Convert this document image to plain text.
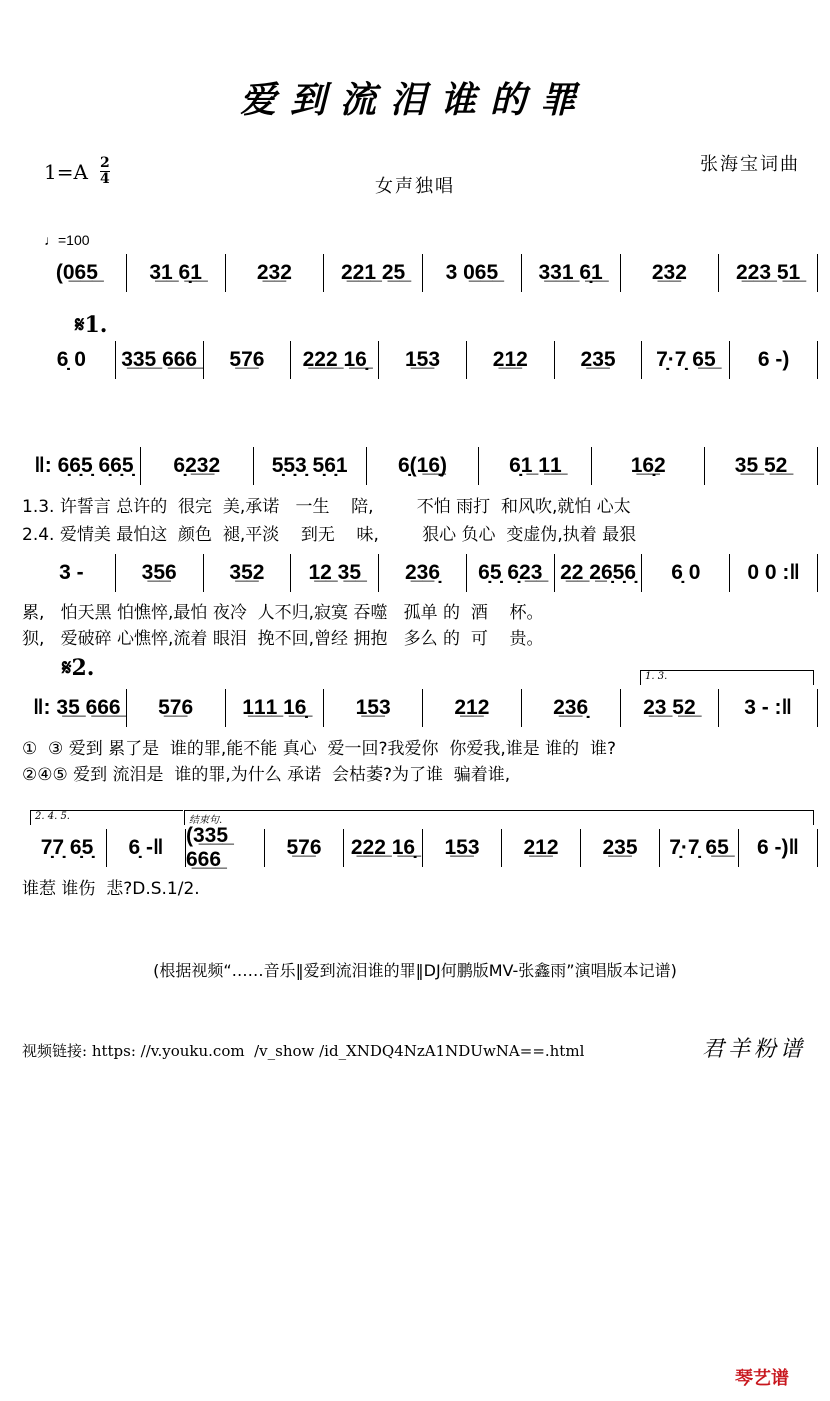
爱到流泪谁的罪
$1=A \frac{2}{4}$	张海宝词曲
女声独唱
♩=100
𝄋1.
𝄋2.
(0̲6̲5̲	3̲1̲ 6̣̲1̲	2̲3̲2	2̲2̲1̲ 2̲5̲	3 0̲6̲5̲	3̲3̲1̲ 6̣̲1̲	2̲3̲2	2̲2̲3̲ 5̲1̲
6̣ 0	3̲3̲5̲ 6̲6̲6̲	5̲7̲6	2̲2̲2̲ 1̲6̣̲	1̲5̲3	2̲1̲2	2̲3̲5	7̣·7̣ 6̲5̲	6 -)
‖: 6̣6̣5̣ 6̣6̣5̣	6̣2̲3̲2	5̣5̣3̣ 5̣6̣1	6̣(1̲6̣̲)	6̣1̲ 1̲1̲	1̲6̣̲2	3̲5̲ 5̲2̲
3 -	3̲5̲6	3̲5̲2	1̲2̲ 3̲5̲	2̲3̲6̣	6̣5̣ 6̣2̲3̲ 2̲2̲ 2̲6̣5̣6̣	6̣ 0	0 0 :‖
‖: 3̲5̲ 6̲6̲6̲	5̲7̲6	1̲1̲1̲ 1̲6̣̲	1̲5̲3	2̲1̲2	2̲3̲6̣	2̲3̲ 5̲2̲	3 - :‖
7̣7̣ 6̣5̣	6̣ -‖
(3̲3̲5̲ 6̲6̲6̲
5̲7̲6	2̲2̲2̲ 1̲6̣̲	1̲5̲3	2̲1̲2	2̲3̲5	7̣·7̣ 6̲5̲	6 -)‖
1.3. 许誓言 总许的  很完  美,承诺   一生    陪,        不怕 雨打  和风吹,就怕 心太
2.4. 爱情美 最怕这  颜色  褪,平淡    到无    味,        狠心 负心  变虚伪,执着 最狠
累,   怕天黑 怕憔悴,最怕 夜冷  人不归,寂寞 吞噬   孤单 的  酒    杯。
狈,   爱破碎 心憔悴,流着 眼泪  挽不回,曾经 拥抱   多么 的  可    贵。
①  ③ 爱到 累了是  谁的罪,能不能 真心  爱一回?我爱你  你爱我,谁是 谁的  谁?
②④⑤ 爱到 流泪是  谁的罪,为什么 承诺  会枯萎?为了谁  骗着谁,
谁惹 谁伤  悲?D.S.1/2.
1. 3.
2. 4. 5.	结束句.
(根据视频“……音乐‖爱到流泪谁的罪‖DJ何鹏版MV-张鑫雨”演唱版本记谱)
视频链接: https: //v.youku.com  /v_show /id_XNDQ4NzA1NDUwNA==.html	君羊粉谱
琴艺谱
